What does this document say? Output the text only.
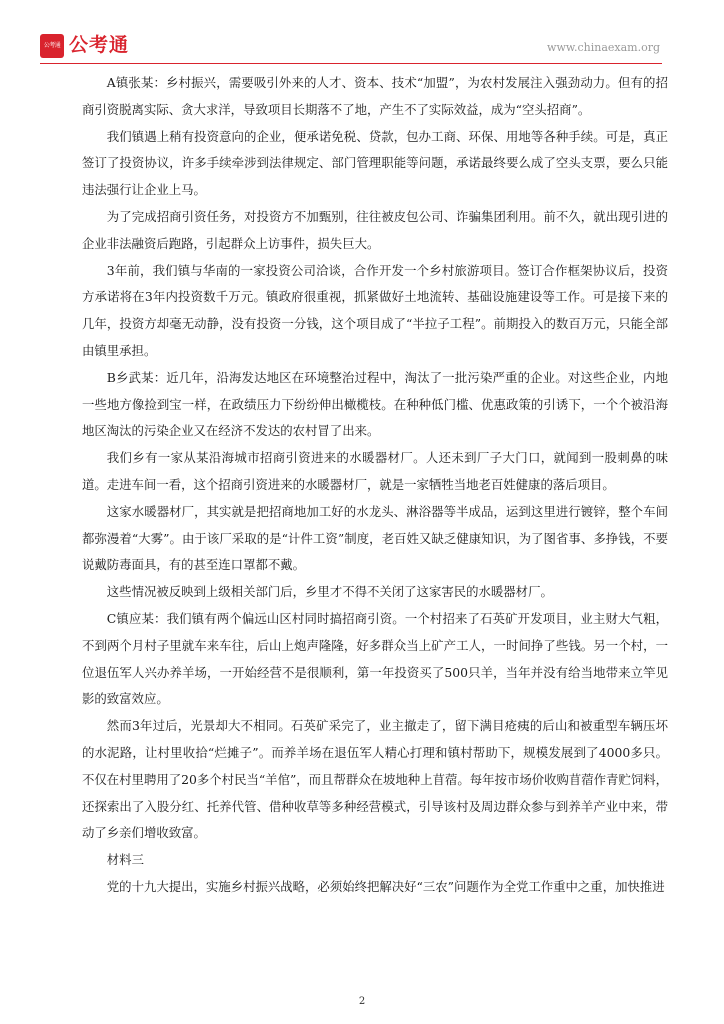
公考通 公考通	www.chinaexam.org

A镇张某：乡村振兴，需要吸引外来的人才、资本、技术“加盟”，为农村发展注入强劲动力。但有的招商引资脱离实际、贪大求洋，导致项目长期落不了地，产生不了实际效益，成为“空头招商”。

我们镇遇上稍有投资意向的企业，便承诺免税、贷款，包办工商、环保、用地等各种手续。可是，真正签订了投资协议，许多手续牵涉到法律规定、部门管理职能等问题，承诺最终要么成了空头支票，要么只能违法强行让企业上马。

为了完成招商引资任务，对投资方不加甄别，往往被皮包公司、诈骗集团利用。前不久，就出现引进的企业非法融资后跑路，引起群众上访事件，损失巨大。

3年前，我们镇与华南的一家投资公司洽谈，合作开发一个乡村旅游项目。签订合作框架协议后，投资方承诺将在3年内投资数千万元。镇政府很重视，抓紧做好土地流转、基础设施建设等工作。可是接下来的几年，投资方却毫无动静，没有投资一分钱，这个项目成了“半拉子工程”。前期投入的数百万元，只能全部由镇里承担。

B乡武某：近几年，沿海发达地区在环境整治过程中，淘汰了一批污染严重的企业。对这些企业，内地一些地方像捡到宝一样，在政绩压力下纷纷伸出橄榄枝。在种种低门槛、优惠政策的引诱下，一个个被沿海地区淘汰的污染企业又在经济不发达的农村冒了出来。

我们乡有一家从某沿海城市招商引资进来的水暖器材厂。人还未到厂子大门口，就闻到一股刺鼻的味道。走进车间一看，这个招商引资进来的水暖器材厂，就是一家牺牲当地老百姓健康的落后项目。

这家水暖器材厂，其实就是把招商地加工好的水龙头、淋浴器等半成品，运到这里进行镀锌，整个车间都弥漫着“大雾”。由于该厂采取的是“计件工资”制度，老百姓又缺乏健康知识，为了图省事、多挣钱，不要说戴防毒面具，有的甚至连口罩都不戴。

这些情况被反映到上级相关部门后，乡里才不得不关闭了这家害民的水暖器材厂。

C镇应某：我们镇有两个偏远山区村同时搞招商引资。一个村招来了石英矿开发项目，业主财大气粗，不到两个月村子里就车来车往，后山上炮声隆隆，好多群众当上矿产工人，一时间挣了些钱。另一个村，一位退伍军人兴办养羊场，一开始经营不是很顺利，第一年投资买了500只羊，当年并没有给当地带来立竿见影的致富效应。

然而3年过后，光景却大不相同。石英矿采完了，业主撤走了，留下满目疮痍的后山和被重型车辆压坏的水泥路，让村里收拾“烂摊子”。而养羊场在退伍军人精心打理和镇村帮助下，规模发展到了4000多只。不仅在村里聘用了20多个村民当“羊倌”，而且帮群众在坡地种上苜蓿。每年按市场价收购苜蓿作青贮饲料，还探索出了入股分红、托养代管、借种收草等多种经营模式，引导该村及周边群众参与到养羊产业中来，带动了乡亲们增收致富。

材料三

党的十九大提出，实施乡村振兴战略，必须始终把解决好“三农”问题作为全党工作重中之重，加快推进

2
